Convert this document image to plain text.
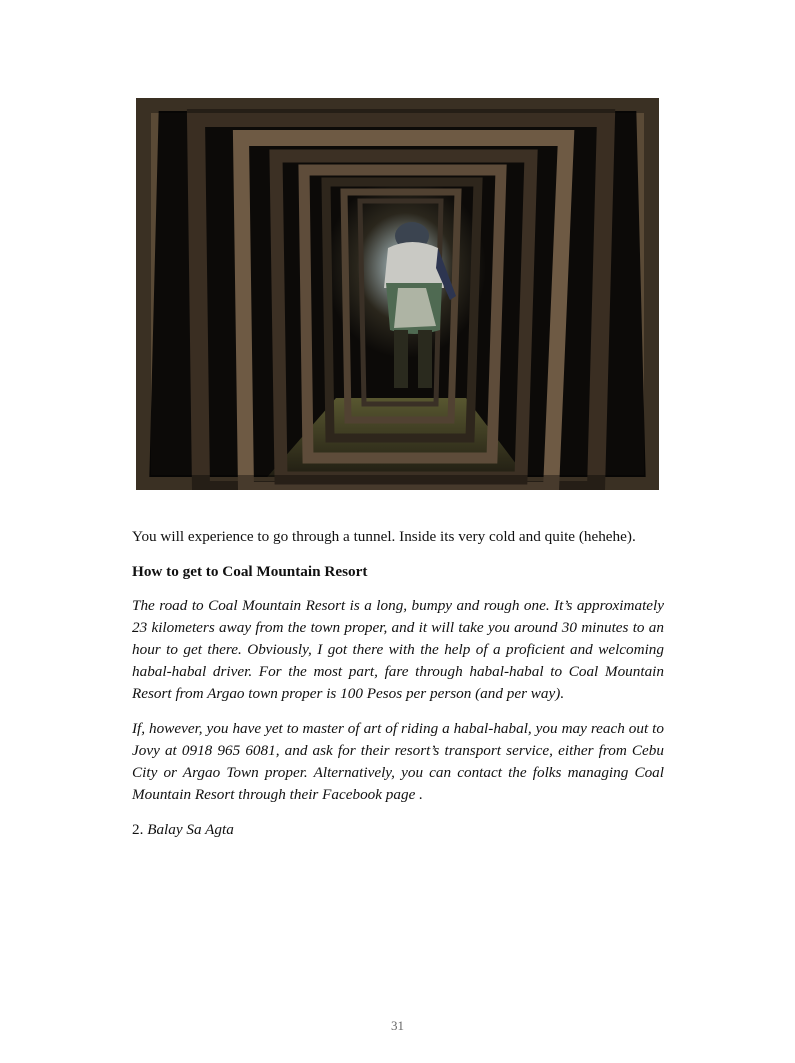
You will experience to go through a tunnel. Inside its very cold and quite (hehehe).

How to get to Coal Mountain Resort

The road to Coal Mountain Resort is a long, bumpy and rough one. It’s approximately 23 kilometers away from the town proper, and it will take you around 30 minutes to an hour to get there. Obviously, I got there with the help of a proficient and welcoming habal-habal driver. For the most part, fare through habal-habal to Coal Mountain Resort from Argao town proper is 100 Pesos per person (and per way).

If, however, you have yet to master of art of riding a habal-habal, you may reach out to Jovy at 0918 965 6081, and ask for their resort’s transport service, either from Cebu City or Argao Town proper. Alternatively, you can contact the folks managing Coal Mountain Resort through their Facebook page .

2. Balay Sa Agta

31
